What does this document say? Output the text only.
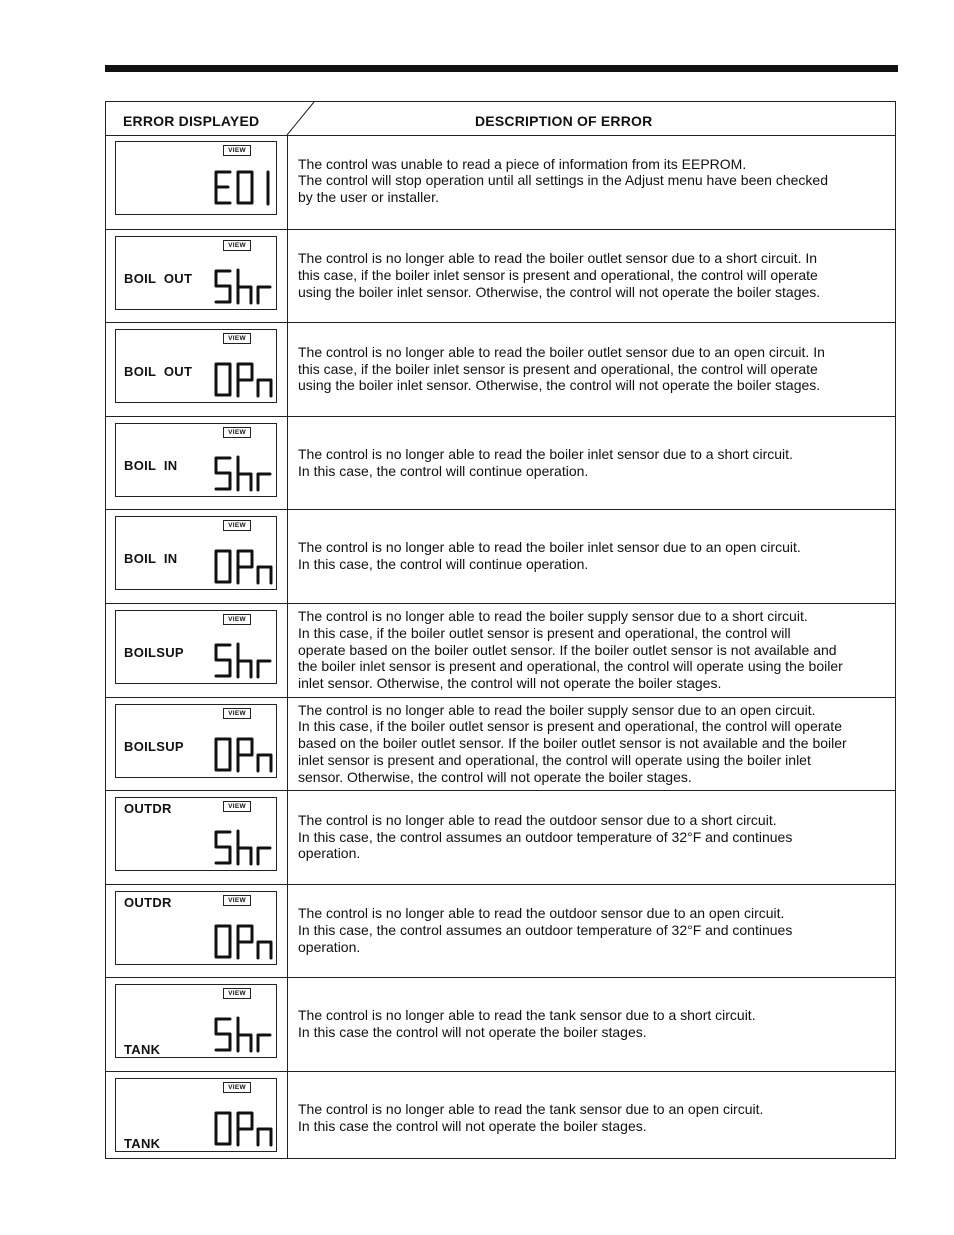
ERROR DISPLAYED	DESCRIPTION OF ERROR
VIEW
The control was unable to read a piece of information from its EEPROM.
The control will stop operation until all settings in the Adjust menu have been checked
by the user or installer.
VIEW
BOIL  OUT
The control is no longer able to read the boiler outlet sensor due to a short circuit. In
this case, if the boiler inlet sensor is present and operational, the control will operate
using the boiler inlet sensor. Otherwise, the control will not operate the boiler stages.
VIEW
BOIL  OUT
The control is no longer able to read the boiler outlet sensor due to an open circuit. In
this case, if the boiler inlet sensor is present and operational, the control will operate
using the boiler inlet sensor. Otherwise, the control will not operate the boiler stages.
VIEW
BOIL  IN
The control is no longer able to read the boiler inlet sensor due to a short circuit.
In this case, the control will continue operation.
VIEW
BOIL  IN
The control is no longer able to read the boiler inlet sensor due to an open circuit.
In this case, the control will continue operation.
VIEW
BOILSUP
The control is no longer able to read the boiler supply sensor due to a short circuit.
In this case, if the boiler outlet sensor is present and operational, the control will
operate based on the boiler outlet sensor. If the boiler outlet sensor is not available and
the boiler inlet sensor is present and operational, the control will operate using the boiler
inlet sensor. Otherwise, the control will not operate the boiler stages.
VIEW
BOILSUP
The control is no longer able to read the boiler supply sensor due to an open circuit.
In this case, if the boiler outlet sensor is present and operational, the control will operate
based on the boiler outlet sensor. If the boiler outlet sensor is not available and the boiler
inlet sensor is present and operational, the control will operate using the boiler inlet
sensor. Otherwise, the control will not operate the boiler stages.
VIEW
OUTDR
The control is no longer able to read the outdoor sensor due to a short circuit.
In this case, the control assumes an outdoor temperature of 32°F and continues
operation.
VIEW
OUTDR
The control is no longer able to read the outdoor sensor due to an open circuit.
In this case, the control assumes an outdoor temperature of 32°F and continues
operation.
VIEW
TANK
The control is no longer able to read the tank sensor due to a short circuit.
In this case the control will not operate the boiler stages.
VIEW
TANK
The control is no longer able to read the tank sensor due to an open circuit.
In this case the control will not operate the boiler stages.
